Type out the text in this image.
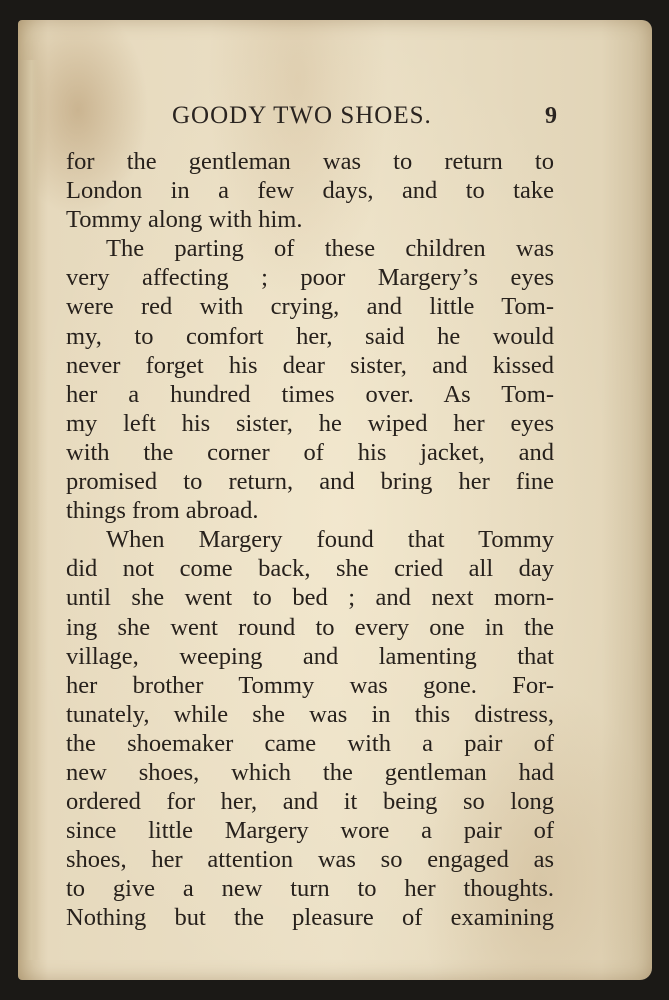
GOODY TWO SHOES.	9
for the gentleman was to return to
London in a few days, and to take
Tommy along with him.
The parting of these children was
very affecting ; poor Margery’s eyes
were red with crying, and little Tom-
my, to comfort her, said he would
never forget his dear sister, and kissed
her a hundred times over. As Tom-
my left his sister, he wiped her eyes
with the corner of his jacket, and
promised to return, and bring her fine
things from abroad.
When Margery found that Tommy
did not come back, she cried all day
until she went to bed ; and next morn-
ing she went round to every one in the
village, weeping and lamenting that
her brother Tommy was gone. For-
tunately, while she was in this distress,
the shoemaker came with a pair of
new shoes, which the gentleman had
ordered for her, and it being so long
since little Margery wore a pair of
shoes, her attention was so engaged as
to give a new turn to her thoughts.
Nothing but the pleasure of examining
